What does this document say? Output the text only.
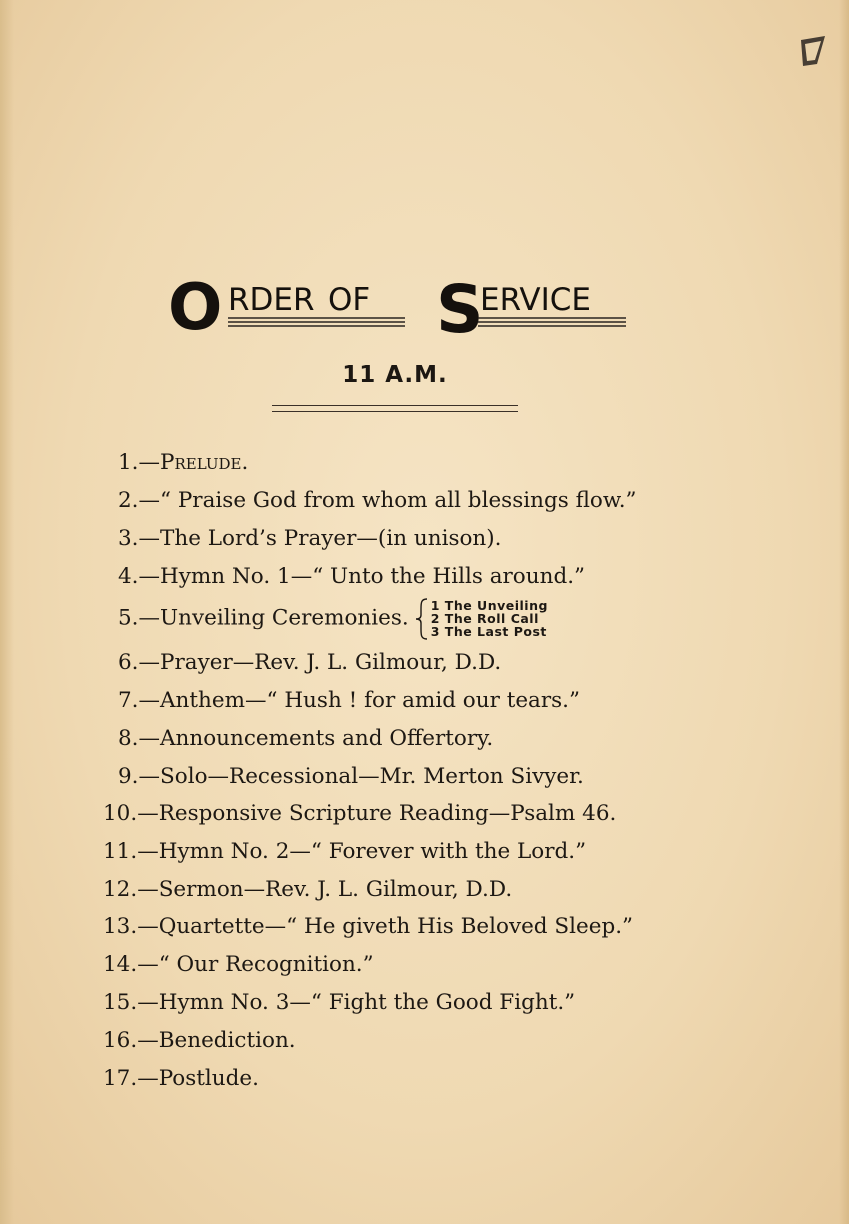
O RDER OF S
ERVICE
11 A.M.
1.—Prelude.
2.—“ Praise God from whom all blessings flow.”
3.—The Lord’s Prayer—(in unison).
4.—Hymn No. 1—“ Unto the Hills around.”
5.—Unveiling Ceremonies. 1 The Unveiling
2 The Roll Call
3 The Last Post
6.—Prayer—Rev. J. L. Gilmour, D.D.
7.—Anthem—“ Hush ! for amid our tears.”
8.—Announcements and Offertory.
9.—Solo—Recessional—Mr. Merton Sivyer.
10.—Responsive Scripture Reading—Psalm 46.
11.—Hymn No. 2—“ Forever with the Lord.”
12.—Sermon—Rev. J. L. Gilmour, D.D.
13.—Quartette—“ He giveth His Beloved Sleep.”
14.—“ Our Recognition.”
15.—Hymn No. 3—“ Fight the Good Fight.”
16.—Benediction.
17.—Postlude.
